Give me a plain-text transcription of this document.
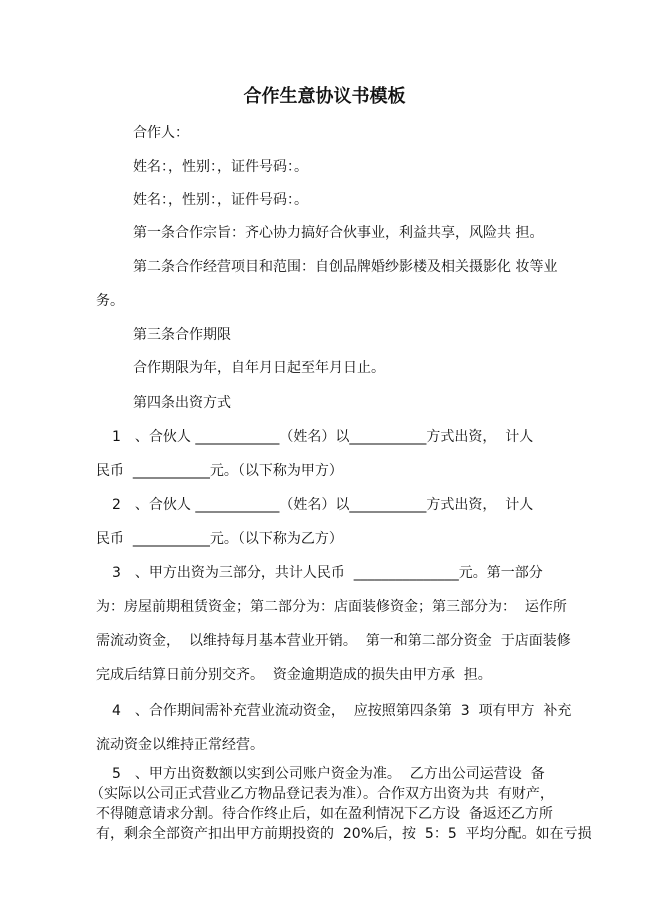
合作生意协议书模板

合作人：

姓名：，性别：，证件号码：。

姓名：，性别：，证件号码：。

第一条合作宗旨：齐心协力搞好合伙事业，利益共享，风险共 担。

第二条合作经营项目和范围：自创品牌婚纱影楼及相关摄影化 妆等业

务。

第三条合作期限

合作期限为年，自年月日起至年月日止。

第四条出资方式

1　、合伙人 ____________（姓名）以___________方式出资，  计人

民币  ___________元。（以下称为甲方）

2　、合伙人 ____________（姓名）以___________方式出资，  计人

民币  ___________元。（以下称为乙方）

3　、甲方出资为三部分，共计人民币  _______________元。第一部分

为：房屋前期租赁资金；第二部分为：店面装修资金；第三部分为：  运作所

需流动资金，  以维持每月基本营业开销。  第一和第二部分资金  于店面装修

完成后结算日前分别交齐。  资金逾期造成的损失由甲方承  担。

4　、合作期间需补充营业流动资金，  应按照第四条第  3  项有甲方  补充

流动资金以维持正常经营。

5　、甲方出资数额以实到公司账户资金为准。  乙方出公司运营设  备

（实际以公司正式营业乙方物品登记表为准）。合作双方出资为共  有财产，

不得随意请求分割。待合作终止后，如在盈利情况下乙方设  备返还乙方所

有，剩余全部资产扣出甲方前期投资的  20%后，按  5：5  平均分配。如在亏损
